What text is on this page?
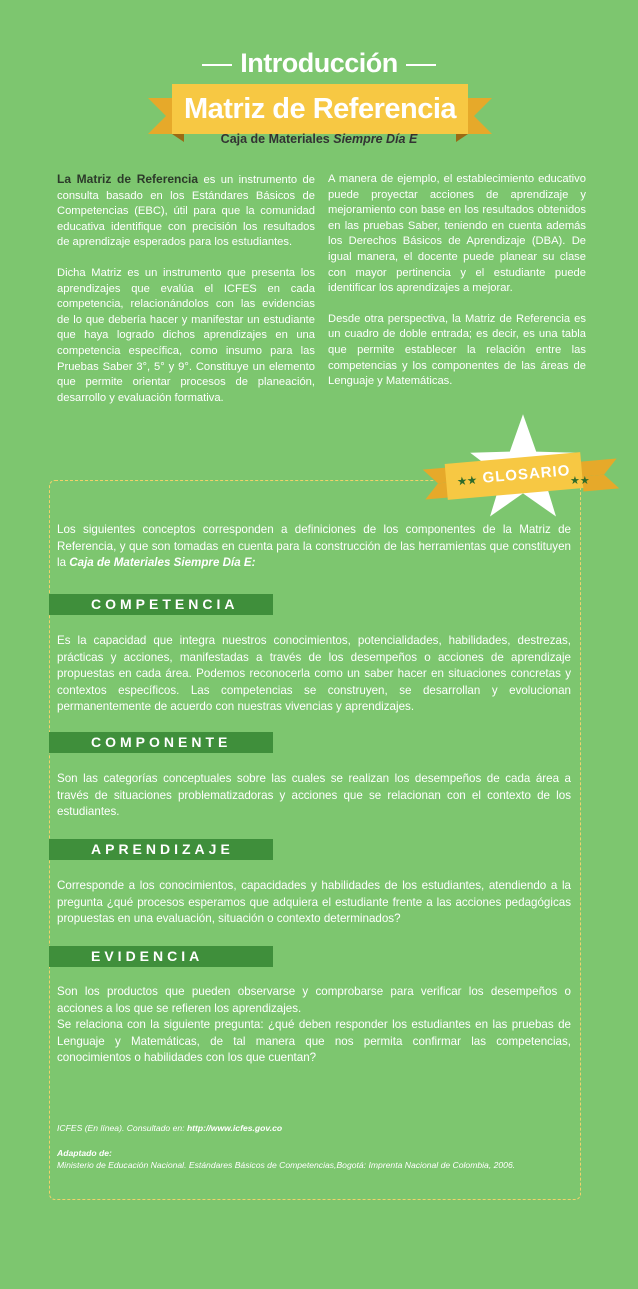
Introducción
Matriz de Referencia
Caja de Materiales Siempre Día E

La Matriz de Referencia es un instrumento de consulta basado en los Estándares Básicos de Competencias (EBC), útil para que la comunidad educativa identifique con precisión los resultados de aprendizaje esperados para los estudiantes.

Dicha Matriz es un instrumento que presenta los aprendizajes que evalúa el ICFES en cada competencia, relacionándolos con las evidencias de lo que debería hacer y manifestar un estudiante que haya logrado dichos aprendizajes en una competencia específica, como insumo para las Pruebas Saber 3°, 5° y 9°. Constituye un elemento que permite orientar procesos de planeación, desarrollo y evaluación formativa.

A manera de ejemplo, el establecimiento educativo puede proyectar acciones de aprendizaje y mejoramiento con base en los resultados obtenidos en las pruebas Saber, teniendo en cuenta además los Derechos Básicos de Aprendizaje (DBA). De igual manera, el docente puede planear su clase con mayor pertinencia y el estudiante puede identificar los aprendizajes a mejorar.

Desde otra perspectiva, la Matriz de Referencia es un cuadro de doble entrada; es decir, es una tabla que permite establecer la relación entre las competencias y los componentes de las áreas de Lenguaje y Matemáticas.

★★ GLOSARIO
★★
Los siguientes conceptos corresponden a definiciones de los componentes de la Matriz de Referencia, y que son tomadas en cuenta para la construcción de las herramientas que constituyen la Caja de Materiales Siempre Día E:
COMPETENCIA

Es la capacidad que integra nuestros conocimientos, potencialidades, habilidades, destrezas, prácticas y acciones, manifestadas a través de los desempeños o acciones de aprendizaje propuestas en cada área. Podemos reconocerla como un saber hacer en situaciones concretas y contextos específicos. Las competencias se construyen, se desarrollan y evolucionan permanentemente de acuerdo con nuestras vivencias y aprendizajes.

COMPONENTE

Son las categorías conceptuales sobre las cuales se realizan los desempeños de cada área a través de situaciones problematizadoras y acciones que se relacionan con el contexto de los estudiantes.

APRENDIZAJE

Corresponde a los conocimientos, capacidades y habilidades de los estudiantes, atendiendo a la pregunta ¿qué procesos esperamos que adquiera el estudiante frente a las acciones pedagógicas propuestas en una evaluación, situación o contexto determinados?

EVIDENCIA

Son los productos que pueden observarse y comprobarse para verificar los desempeños o acciones a los que se refieren los aprendizajes.

Se relaciona con la siguiente pregunta: ¿qué deben responder los estudiantes en las pruebas de Lenguaje y Matemáticas, de tal manera que nos permita confirmar las competencias, conocimientos o habilidades con los que cuentan?

ICFES (En línea). Consultado en: http://www.icfes.gov.co
Adaptado de:
Ministerio de Educación Nacional. Estándares Básicos de Competencias,Bogotá: Imprenta Nacional de Colombia, 2006.
